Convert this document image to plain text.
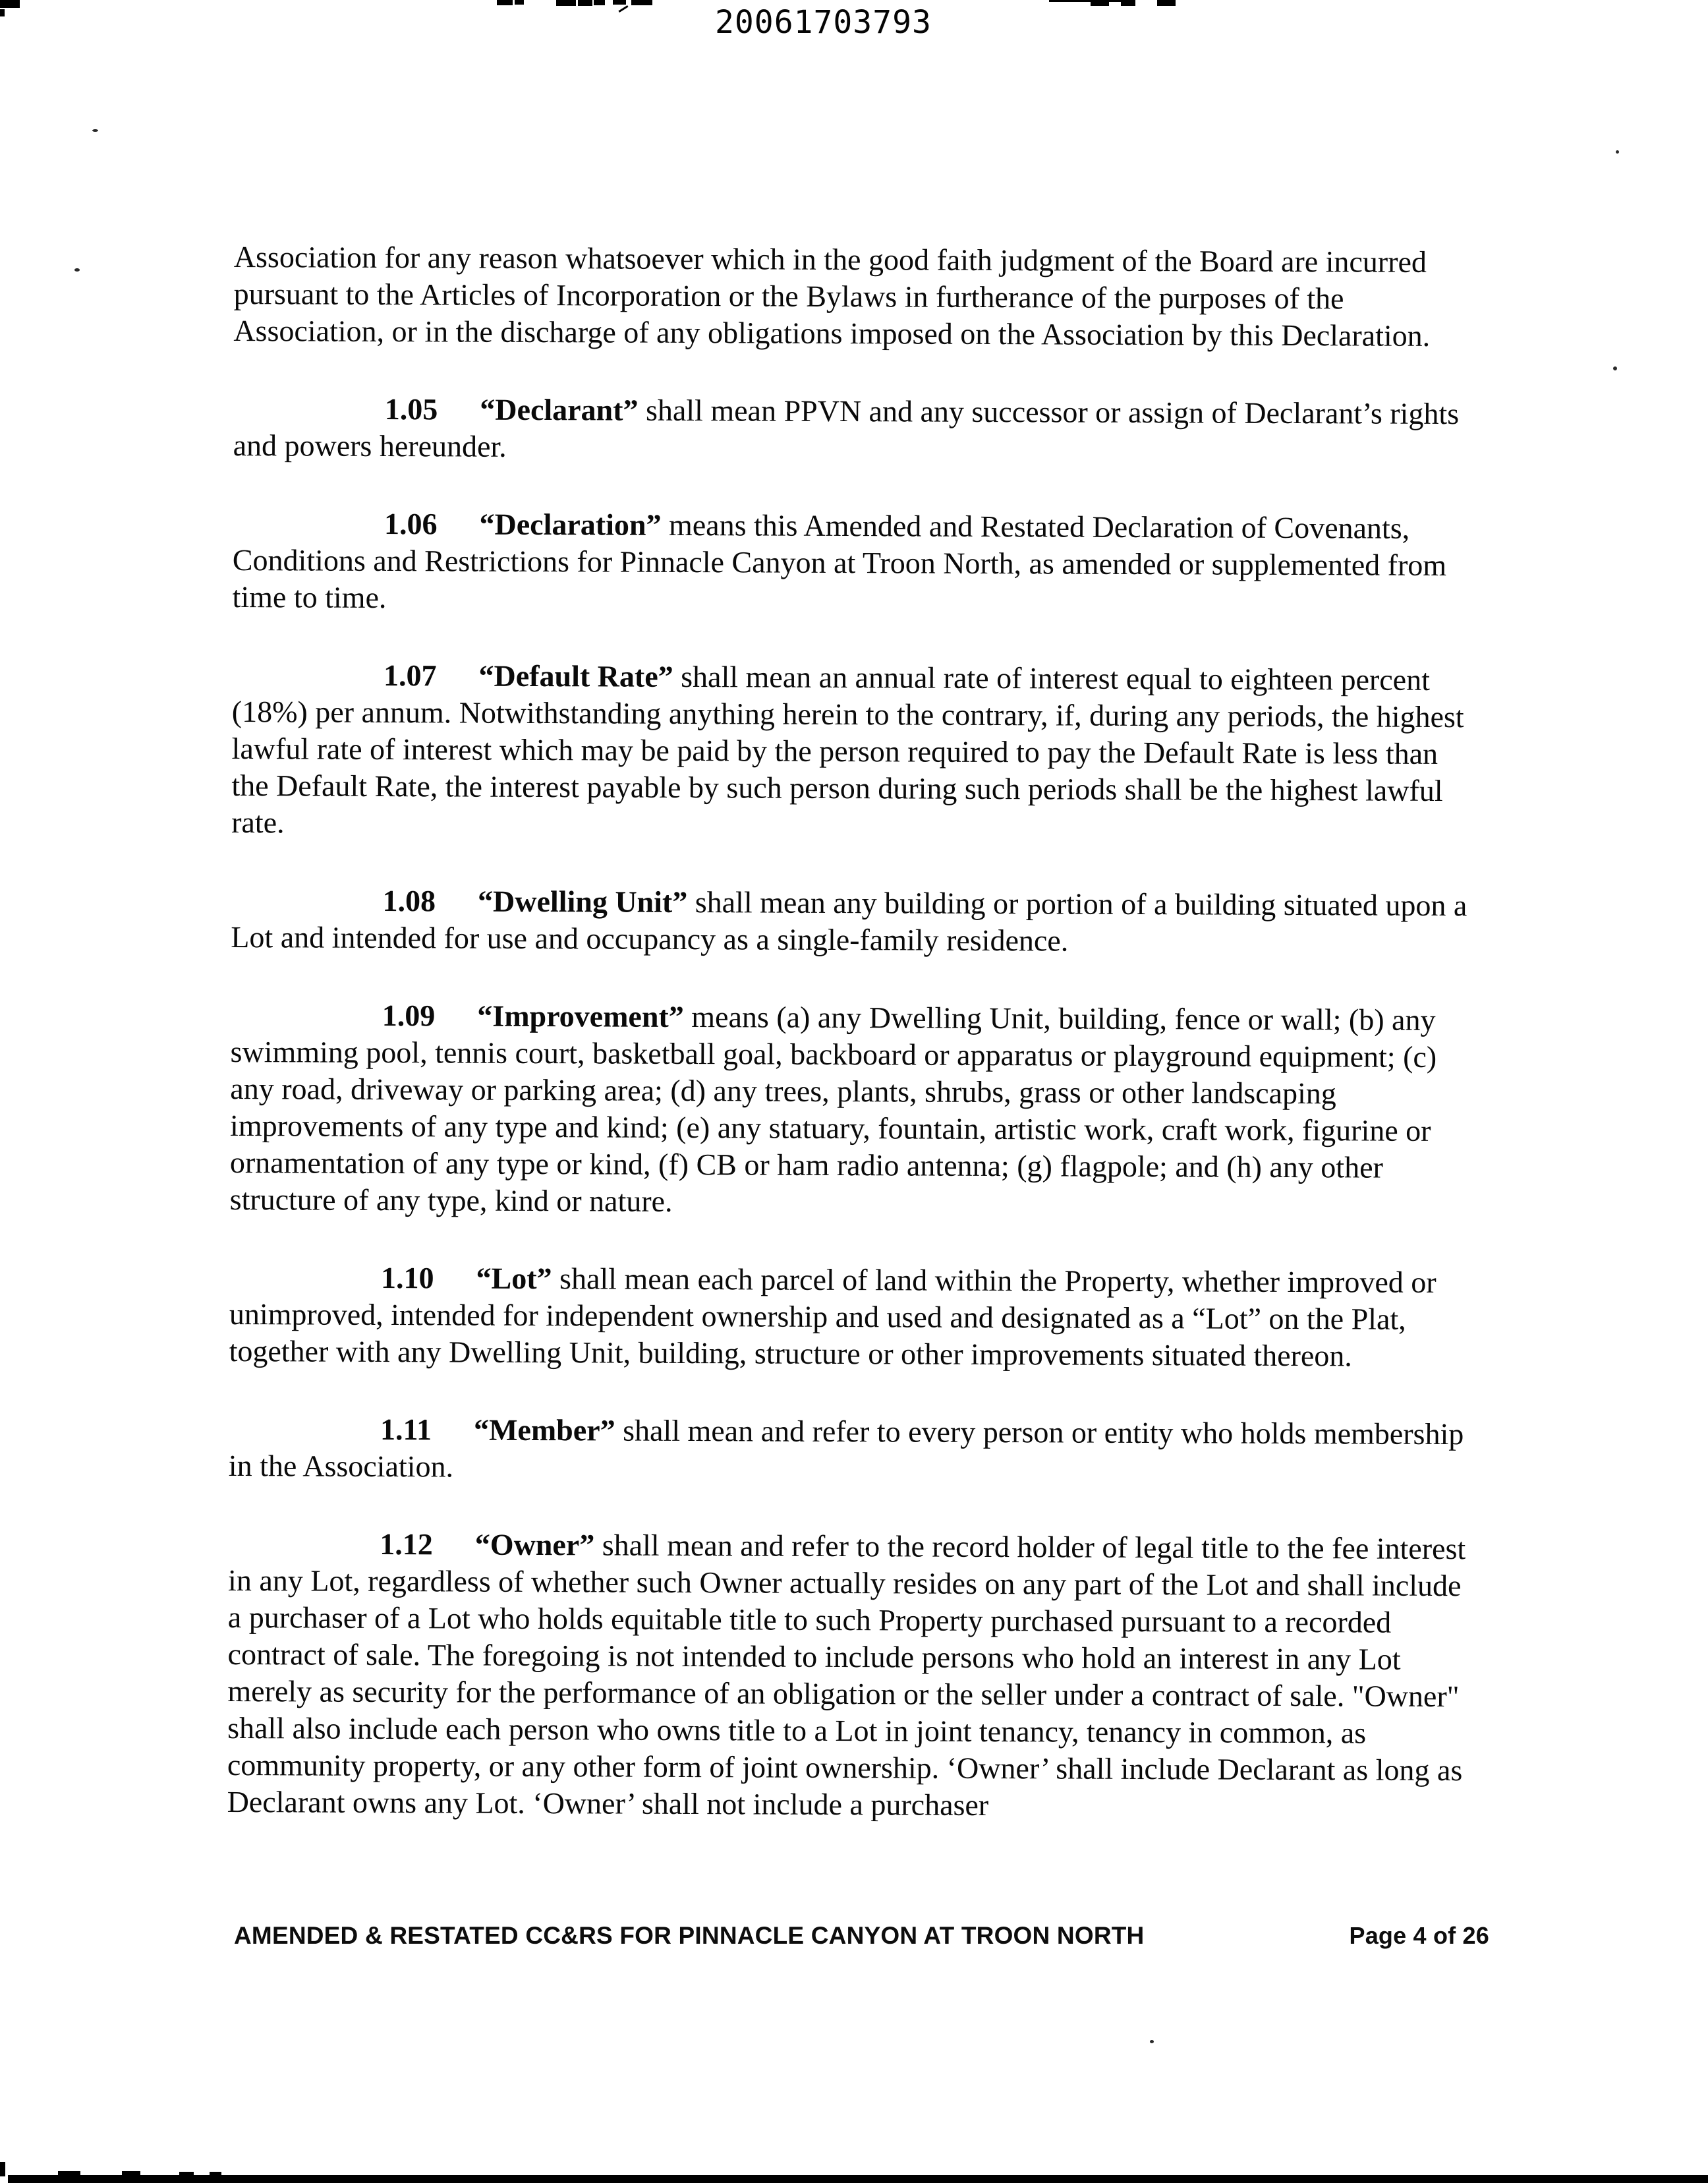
20061703793

Association for any reason whatsoever which in the good faith judgment of the Board are incurred pursuant to the Articles of Incorporation or the Bylaws in furtherance of the purposes of the Association, or in the discharge of any obligations imposed on the Association by this Declaration.

1.05 “Declarant” shall mean PPVN and any successor or assign of Declarant’s rights and powers hereunder.

1.06 “Declaration” means this Amended and Restated Declaration of Covenants, Conditions and Restrictions for Pinnacle Canyon at Troon North, as amended or supplemented from time to time.

1.07 “Default Rate” shall mean an annual rate of interest equal to eighteen percent (18%) per annum. Notwithstanding anything herein to the contrary, if, during any periods, the highest lawful rate of interest which may be paid by the person required to pay the Default Rate is less than the Default Rate, the interest payable by such person during such periods shall be the highest lawful rate.

1.08 “Dwelling Unit” shall mean any building or portion of a building situated upon a Lot and intended for use and occupancy as a single-family residence.

1.09 “Improvement” means (a) any Dwelling Unit, building, fence or wall; (b) any swimming pool, tennis court, basketball goal, backboard or apparatus or playground equipment; (c) any road, driveway or parking area; (d) any trees, plants, shrubs, grass or other landscaping improvements of any type and kind; (e) any statuary, fountain, artistic work, craft work, figurine or ornamentation of any type or kind, (f) CB or ham radio antenna; (g) flagpole; and (h) any other structure of any type, kind or nature.

1.10 “Lot” shall mean each parcel of land within the Property, whether improved or unimproved, intended for independent ownership and used and designated as a “Lot” on the Plat, together with any Dwelling Unit, building, structure or other improvements situated thereon.

1.11 “Member” shall mean and refer to every person or entity who holds membership in the Association.

1.12 “Owner” shall mean and refer to the record holder of legal title to the fee interest in any Lot, regardless of whether such Owner actually resides on any part of the Lot and shall include a purchaser of a Lot who holds equitable title to such Property purchased pursuant to a recorded contract of sale. The foregoing is not intended to include persons who hold an interest in any Lot merely as security for the performance of an obligation or the seller under a contract of sale. "Owner" shall also include each person who owns title to a Lot in joint tenancy, tenancy in common, as community property, or any other form of joint ownership. ‘Owner’ shall include Declarant as long as Declarant owns any Lot. ‘Owner’ shall not include a purchaser

AMENDED & RESTATED CC&RS FOR PINNACLE CANYON AT TROON NORTH	Page 4 of 26
